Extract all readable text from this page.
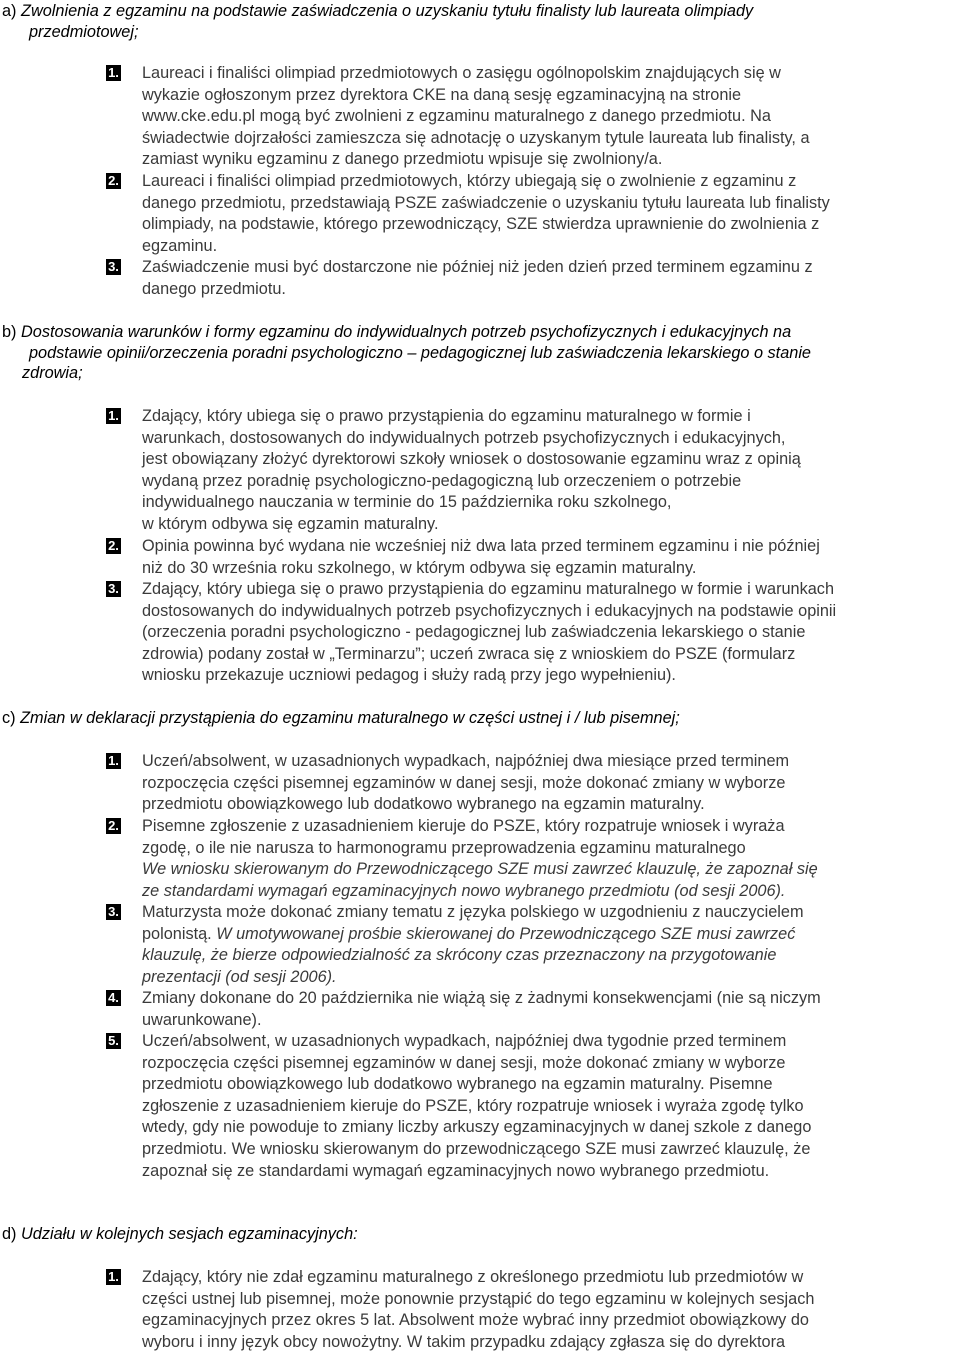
a) Zwolnienia z egzaminu na podstawie zaświadczenia o uzyskaniu tytułu finalisty lub laureata olimpiady
przedmiotowej;
1. Laureaci i finaliści olimpiad przedmiotowych o zasięgu ogólnopolskim znajdujących się w
wykazie ogłoszonym przez dyrektora CKE na daną sesję egzaminacyjną na stronie
www.cke.edu.pl mogą być zwolnieni z egzaminu maturalnego z danego przedmiotu. Na
świadectwie dojrzałości zamieszcza się adnotację o uzyskanym tytule laureata lub finalisty, a
zamiast wyniku egzaminu z danego przedmiotu wpisuje się zwolniony/a.
2. Laureaci i finaliści olimpiad przedmiotowych, którzy ubiegają się o zwolnienie z egzaminu z
danego przedmiotu, przedstawiają PSZE zaświadczenie o uzyskaniu tytułu laureata lub finalisty
olimpiady, na podstawie, którego przewodniczący, SZE stwierdza uprawnienie do zwolnienia z
egzaminu.
3. Zaświadczenie musi być dostarczone nie później niż jeden dzień przed terminem egzaminu z
danego przedmiotu.
b) Dostosowania warunków i formy egzaminu do indywidualnych potrzeb psychofizycznych i edukacyjnych na
podstawie opinii/orzeczenia poradni psychologiczno – pedagogicznej lub zaświadczenia lekarskiego o stanie
zdrowia;
1. Zdający, który ubiega się o prawo przystąpienia do egzaminu maturalnego w formie i
warunkach, dostosowanych do indywidualnych potrzeb psychofizycznych i edukacyjnych,
jest obowiązany złożyć dyrektorowi szkoły wniosek o dostosowanie egzaminu wraz z opinią
wydaną przez poradnię psychologiczno-pedagogiczną lub orzeczeniem o potrzebie
indywidualnego nauczania w terminie do 15 października roku szkolnego,
w którym odbywa się egzamin maturalny.
2. Opinia powinna być wydana nie wcześniej niż dwa lata przed terminem egzaminu i nie później
niż do 30 września roku szkolnego, w którym odbywa się egzamin maturalny.
3. Zdający, który ubiega się o prawo przystąpienia do egzaminu maturalnego w formie i warunkach
dostosowanych do indywidualnych potrzeb psychofizycznych i edukacyjnych na podstawie opinii
(orzeczenia poradni psychologiczno - pedagogicznej lub zaświadczenia lekarskiego o stanie
zdrowia) podany został w „Terminarzu”; uczeń zwraca się z wnioskiem do PSZE (formularz
wniosku przekazuje uczniowi pedagog i służy radą przy jego wypełnieniu).
c) Zmian w deklaracji przystąpienia do egzaminu maturalnego w części ustnej i / lub pisemnej;
1. Uczeń/absolwent, w uzasadnionych wypadkach, najpóźniej dwa miesiące przed terminem
rozpoczęcia części pisemnej egzaminów w danej sesji, może dokonać zmiany w wyborze
przedmiotu obowiązkowego lub dodatkowo wybranego na egzamin maturalny.
2. Pisemne zgłoszenie z uzasadnieniem kieruje do PSZE, który rozpatruje wniosek i wyraża
zgodę, o ile nie narusza to harmonogramu przeprowadzenia egzaminu maturalnego
We wniosku skierowanym do Przewodniczącego SZE musi zawrzeć klauzulę, że zapoznał się
ze standardami wymagań egzaminacyjnych nowo wybranego przedmiotu (od sesji 2006).
3. Maturzysta może dokonać zmiany tematu z języka polskiego w uzgodnieniu z nauczycielem
polonistą. W umotywowanej prośbie skierowanej do Przewodniczącego SZE musi zawrzeć
klauzulę, że bierze odpowiedzialność za skrócony czas przeznaczony na przygotowanie
prezentacji (od sesji 2006).
4. Zmiany dokonane do 20 października nie wiążą się z żadnymi konsekwencjami (nie są niczym
uwarunkowane).
5. Uczeń/absolwent, w uzasadnionych wypadkach, najpóźniej dwa tygodnie przed terminem
rozpoczęcia części pisemnej egzaminów w danej sesji, może dokonać zmiany w wyborze
przedmiotu obowiązkowego lub dodatkowo wybranego na egzamin maturalny. Pisemne
zgłoszenie z uzasadnieniem kieruje do PSZE, który rozpatruje wniosek i wyraża zgodę tylko
wtedy, gdy nie powoduje to zmiany liczby arkuszy egzaminacyjnych w danej szkole z danego
przedmiotu. We wniosku skierowanym do przewodniczącego SZE musi zawrzeć klauzulę, że
zapoznał się ze standardami wymagań egzaminacyjnych nowo wybranego przedmiotu.
d) Udziału w kolejnych sesjach egzaminacyjnych:
1. Zdający, który nie zdał egzaminu maturalnego z określonego przedmiotu lub przedmiotów w
części ustnej lub pisemnej, może ponownie przystąpić do tego egzaminu w kolejnych sesjach
egzaminacyjnych przez okres 5 lat. Absolwent może wybrać inny przedmiot obowiązkowy do
wyboru i inny język obcy nowożytny. W takim przypadku zdający zgłasza się do dyrektora
